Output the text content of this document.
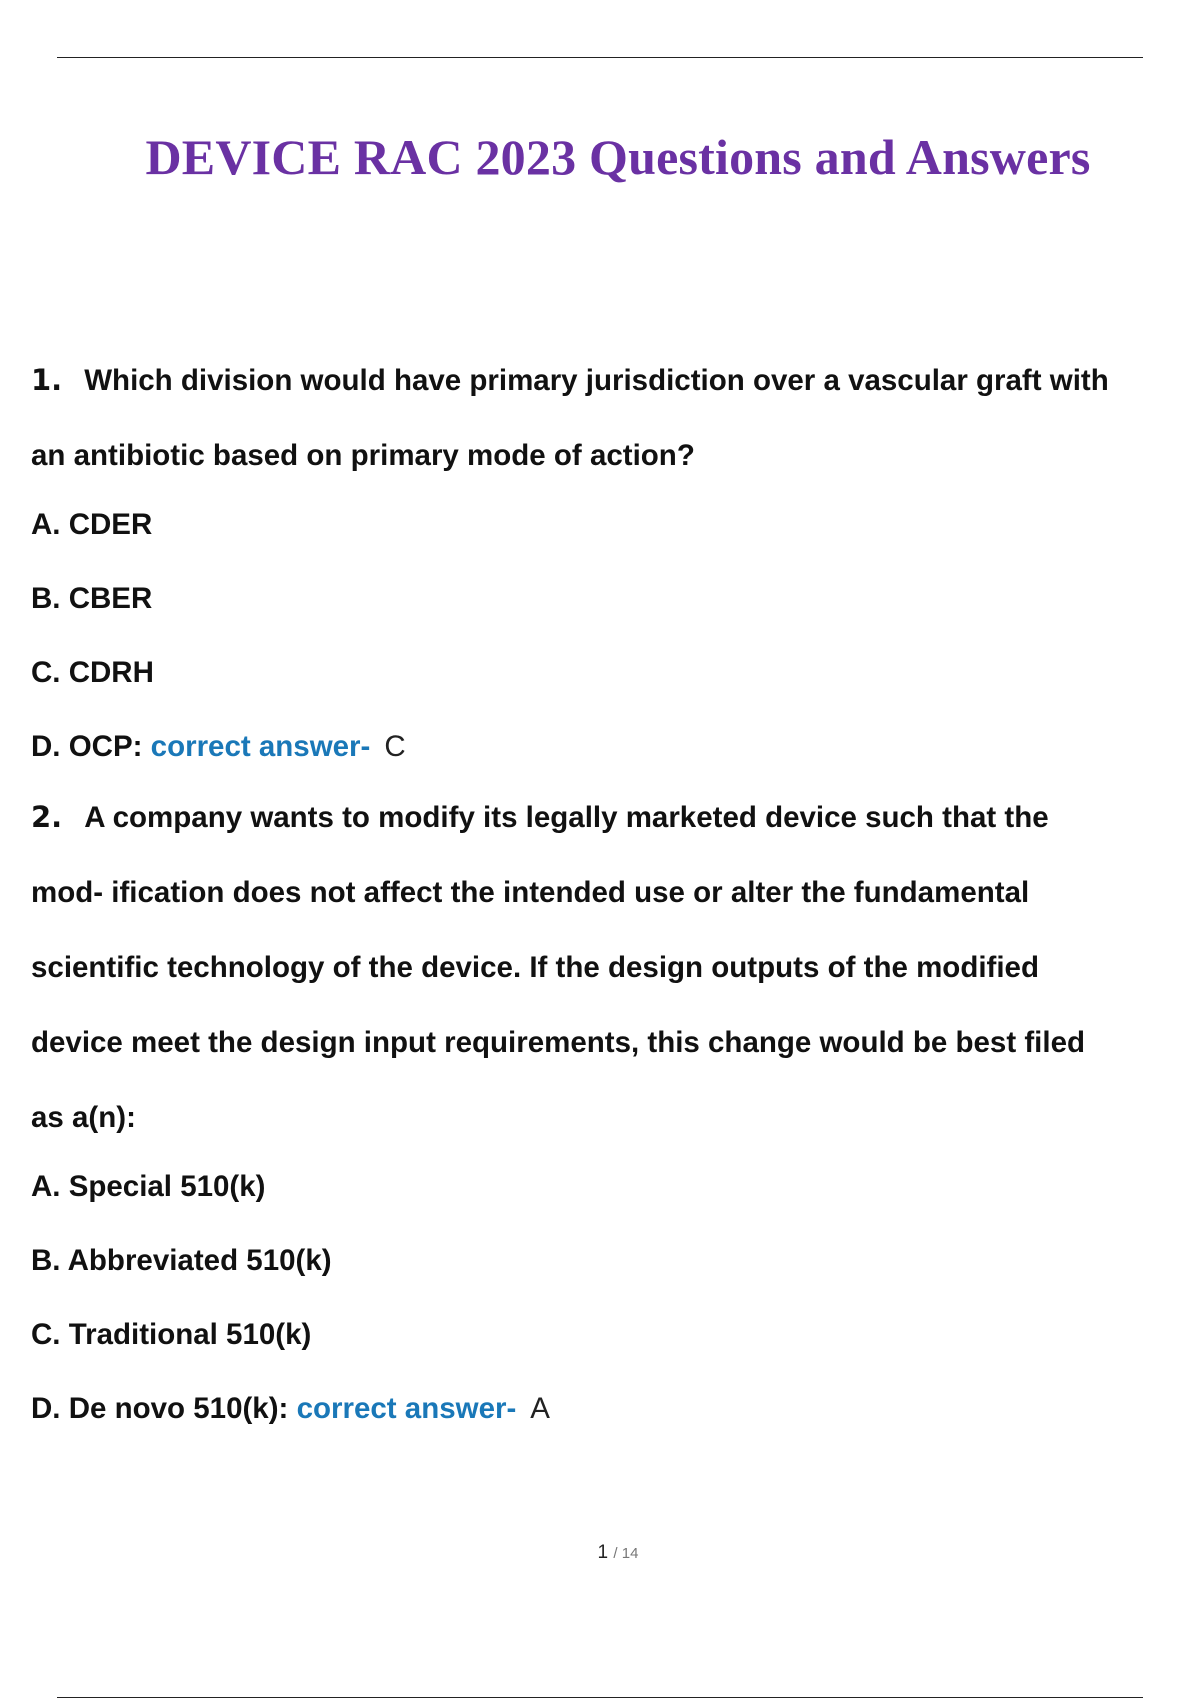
DEVICE RAC 2023 Questions and Answers
1. Which division would have primary jurisdiction over a vascular graft with
an antibiotic based on primary mode of action?
A. CDER
B. CBER
C. CDRH
D. OCP: correct answer- C
2. A company wants to modify its legally marketed device such that the
mod- ification does not affect the intended use or alter the fundamental
scientific technology of the device. If the design outputs of the modified
device meet the design input requirements, this change would be best filed
as a(n):
A. Special 510(k)
B. Abbreviated 510(k)
C. Traditional 510(k)
D. De novo 510(k): correct answer- A
1 / 14
